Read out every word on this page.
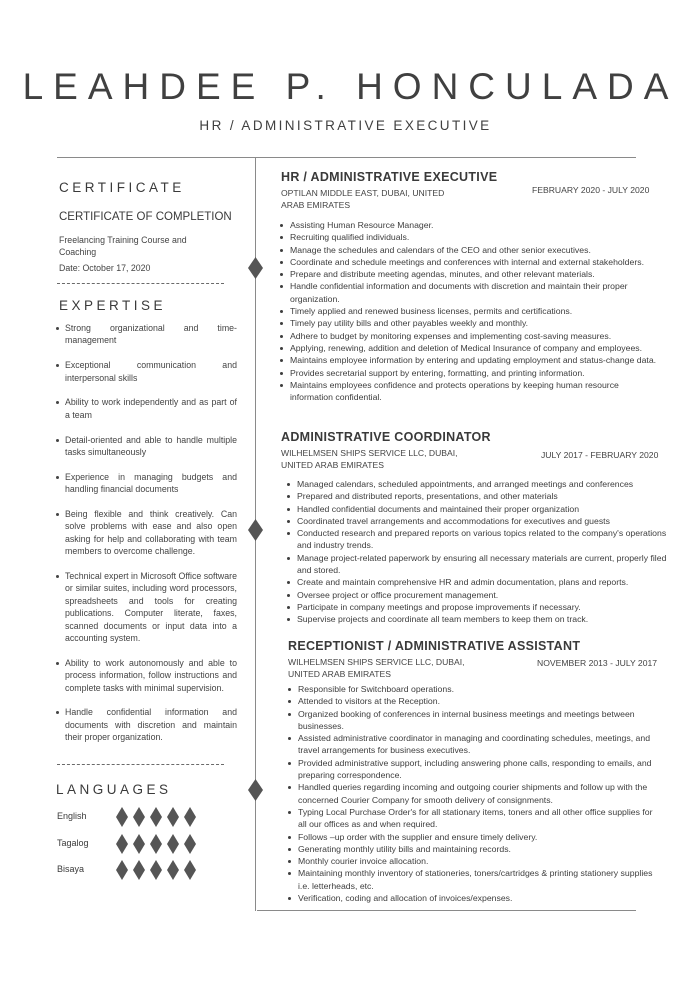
LEAHDEE P. HONCULADA
HR / ADMINISTRATIVE EXECUTIVE
CERTIFICATE
CERTIFICATE OF COMPLETION
Freelancing Training Course and
Coaching
Date: October 17, 2020
EXPERTISE
Strong organizational and time-management
Exceptional communication and interpersonal skills
Ability to work independently and as part of a team
Detail-oriented and able to handle multiple tasks simultaneously
Experience in managing budgets and handling financial documents
Being flexible and think creatively. Can solve problems with ease and also open asking for help and collaborating with team members to overcome challenge.
Technical expert in Microsoft Office software or similar suites, including word processors, spreadsheets and tools for creating publications. Computer literate, faxes, scanned documents or input data into a accounting system.
Ability to work autonomously and able to process information, follow instructions and complete tasks with minimal supervision.
Handle confidential information and documents with discretion and maintain their proper organization.
LANGUAGES
English
Tagalog
Bisaya
HR / ADMINISTRATIVE EXECUTIVE
OPTILAN MIDDLE EAST, DUBAI, UNITED
ARAB EMIRATES
FEBRUARY 2020 - JULY 2020
Assisting Human Resource Manager.
Recruiting qualified individuals.
Manage the schedules and calendars of the CEO and other senior executives.
Coordinate and schedule meetings and conferences with internal and external stakeholders.
Prepare and distribute meeting agendas, minutes, and other relevant materials.
Handle confidential information and documents with discretion and maintain their proper organization.
Timely applied and renewed business licenses, permits and certifications.
Timely pay utility bills and other payables weekly and monthly.
Adhere to budget by monitoring expenses and implementing cost-saving measures.
Applying, renewing, addition and deletion of Medical Insurance of company and employees.
Maintains employee information by entering and updating employment and status-change data.
Provides secretarial support by entering, formatting, and printing information.
Maintains employees confidence and protects operations by keeping human resource information confidential.
ADMINISTRATIVE COORDINATOR
WILHELMSEN SHIPS SERVICE LLC, DUBAI,
UNITED ARAB EMIRATES
JULY 2017 - FEBRUARY 2020
Managed calendars, scheduled appointments, and arranged meetings and conferences
Prepared and distributed reports, presentations, and other materials
Handled confidential documents and maintained their proper organization
Coordinated travel arrangements and accommodations for executives and guests
Conducted research and prepared reports on various topics related to the company's operations and industry trends.
Manage project-related paperwork by ensuring all necessary materials are current, properly filed and stored.
Create and maintain comprehensive HR and admin documentation, plans and reports.
Oversee project or office procurement management.
Participate in company meetings and propose improvements if necessary.
Supervise projects and coordinate all team members to keep them on track.
RECEPTIONIST / ADMINISTRATIVE ASSISTANT
WILHELMSEN SHIPS SERVICE LLC, DUBAI,
UNITED ARAB EMIRATES
NOVEMBER 2013 - JULY 2017
Responsible for Switchboard operations.
Attended to visitors at the Reception.
Organized booking of conferences in internal business meetings and meetings between businesses.
Assisted administrative coordinator in managing and coordinating schedules, meetings, and travel arrangements for business executives.
Provided administrative support, including answering phone calls, responding to emails, and preparing correspondence.
Handled queries regarding incoming and outgoing courier shipments and follow up with the concerned Courier Company for smooth delivery of consignments.
Typing Local Purchase Order's for all stationary items, toners and all other office supplies for all our offices as and when required.
Follows –up order with the supplier and ensure timely delivery.
Generating monthly utility bills and maintaining records.
Monthly courier invoice allocation.
Maintaining monthly inventory of stationeries, toners/cartridges & printing stationery supplies i.e. letterheads, etc.
Verification, coding and allocation of invoices/expenses.
